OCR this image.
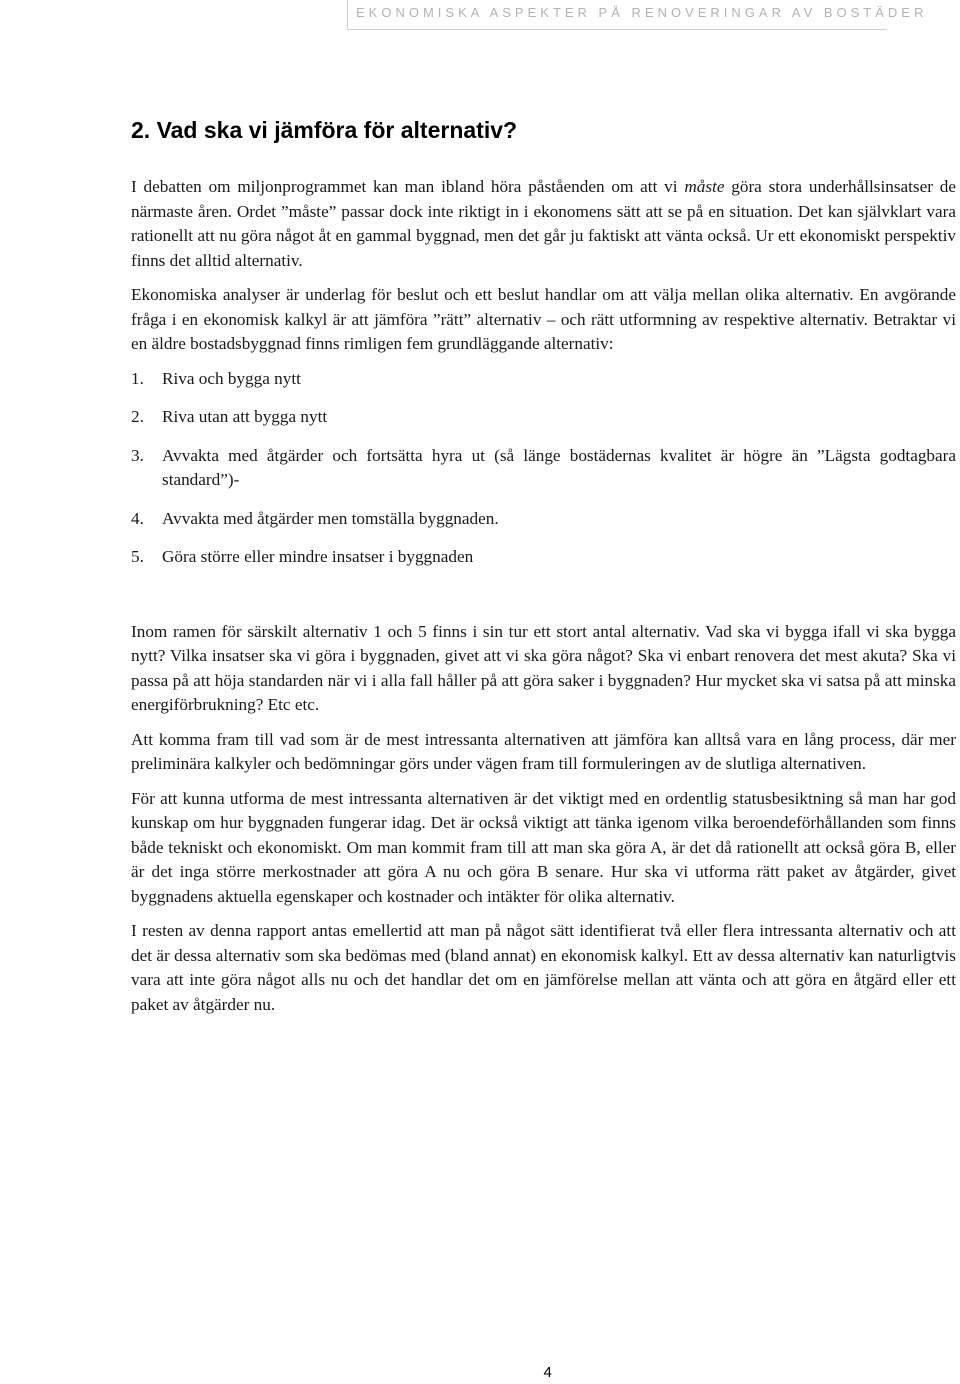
EKONOMISKA ASPEKTER PÅ RENOVERINGAR AV BOSTÄDER
2. Vad ska vi jämföra för alternativ?

I debatten om miljonprogrammet kan man ibland höra påståenden om att vi måste göra stora underhållsinsatser de närmaste åren. Ordet ”måste” passar dock inte riktigt in i ekonomens sätt att se på en situation. Det kan självklart vara rationellt att nu göra något åt en gammal byggnad, men det går ju faktiskt att vänta också. Ur ett ekonomiskt perspektiv finns det alltid alternativ.

Ekonomiska analyser är underlag för beslut och ett beslut handlar om att välja mellan olika alternativ. En avgörande fråga i en ekonomisk kalkyl är att jämföra ”rätt” alternativ – och rätt utformning av respektive alternativ. Betraktar vi en äldre bostadsbyggnad finns rimligen fem grundläggande alternativ:

1.	Riva och bygga nytt
2.	Riva utan att bygga nytt
3.	Avvakta med åtgärder och fortsätta hyra ut (så länge bostädernas kvalitet är högre än ”Lägsta godtagbara standard”)-
4.	Avvakta med åtgärder men tomställa byggnaden.
5.	Göra större eller mindre insatser i byggnaden

Inom ramen för särskilt alternativ 1 och 5 finns i sin tur ett stort antal alternativ. Vad ska vi bygga ifall vi ska bygga nytt? Vilka insatser ska vi göra i byggnaden, givet att vi ska göra något? Ska vi enbart renovera det mest akuta? Ska vi passa på att höja standarden när vi i alla fall håller på att göra saker i byggnaden? Hur mycket ska vi satsa på att minska energiförbrukning? Etc etc.

Att komma fram till vad som är de mest intressanta alternativen att jämföra kan alltså vara en lång process, där mer preliminära kalkyler och bedömningar görs under vägen fram till formuleringen av de slutliga alternativen.

För att kunna utforma de mest intressanta alternativen är det viktigt med en ordentlig statusbesiktning så man har god kunskap om hur byggnaden fungerar idag. Det är också viktigt att tänka igenom vilka beroendeförhållanden som finns både tekniskt och ekonomiskt. Om man kommit fram till att man ska göra A, är det då rationellt att också göra B, eller är det inga större merkostnader att göra A nu och göra B senare. Hur ska vi utforma rätt paket av åtgärder, givet byggnadens aktuella egenskaper och kostnader och intäkter för olika alternativ.

I resten av denna rapport antas emellertid att man på något sätt identifierat två eller flera intressanta alternativ och att det är dessa alternativ som ska bedömas med (bland annat) en ekonomisk kalkyl. Ett av dessa alternativ kan naturligtvis vara att inte göra något alls nu och det handlar det om en jämförelse mellan att vänta och att göra en åtgärd eller ett paket av åtgärder nu.

4
